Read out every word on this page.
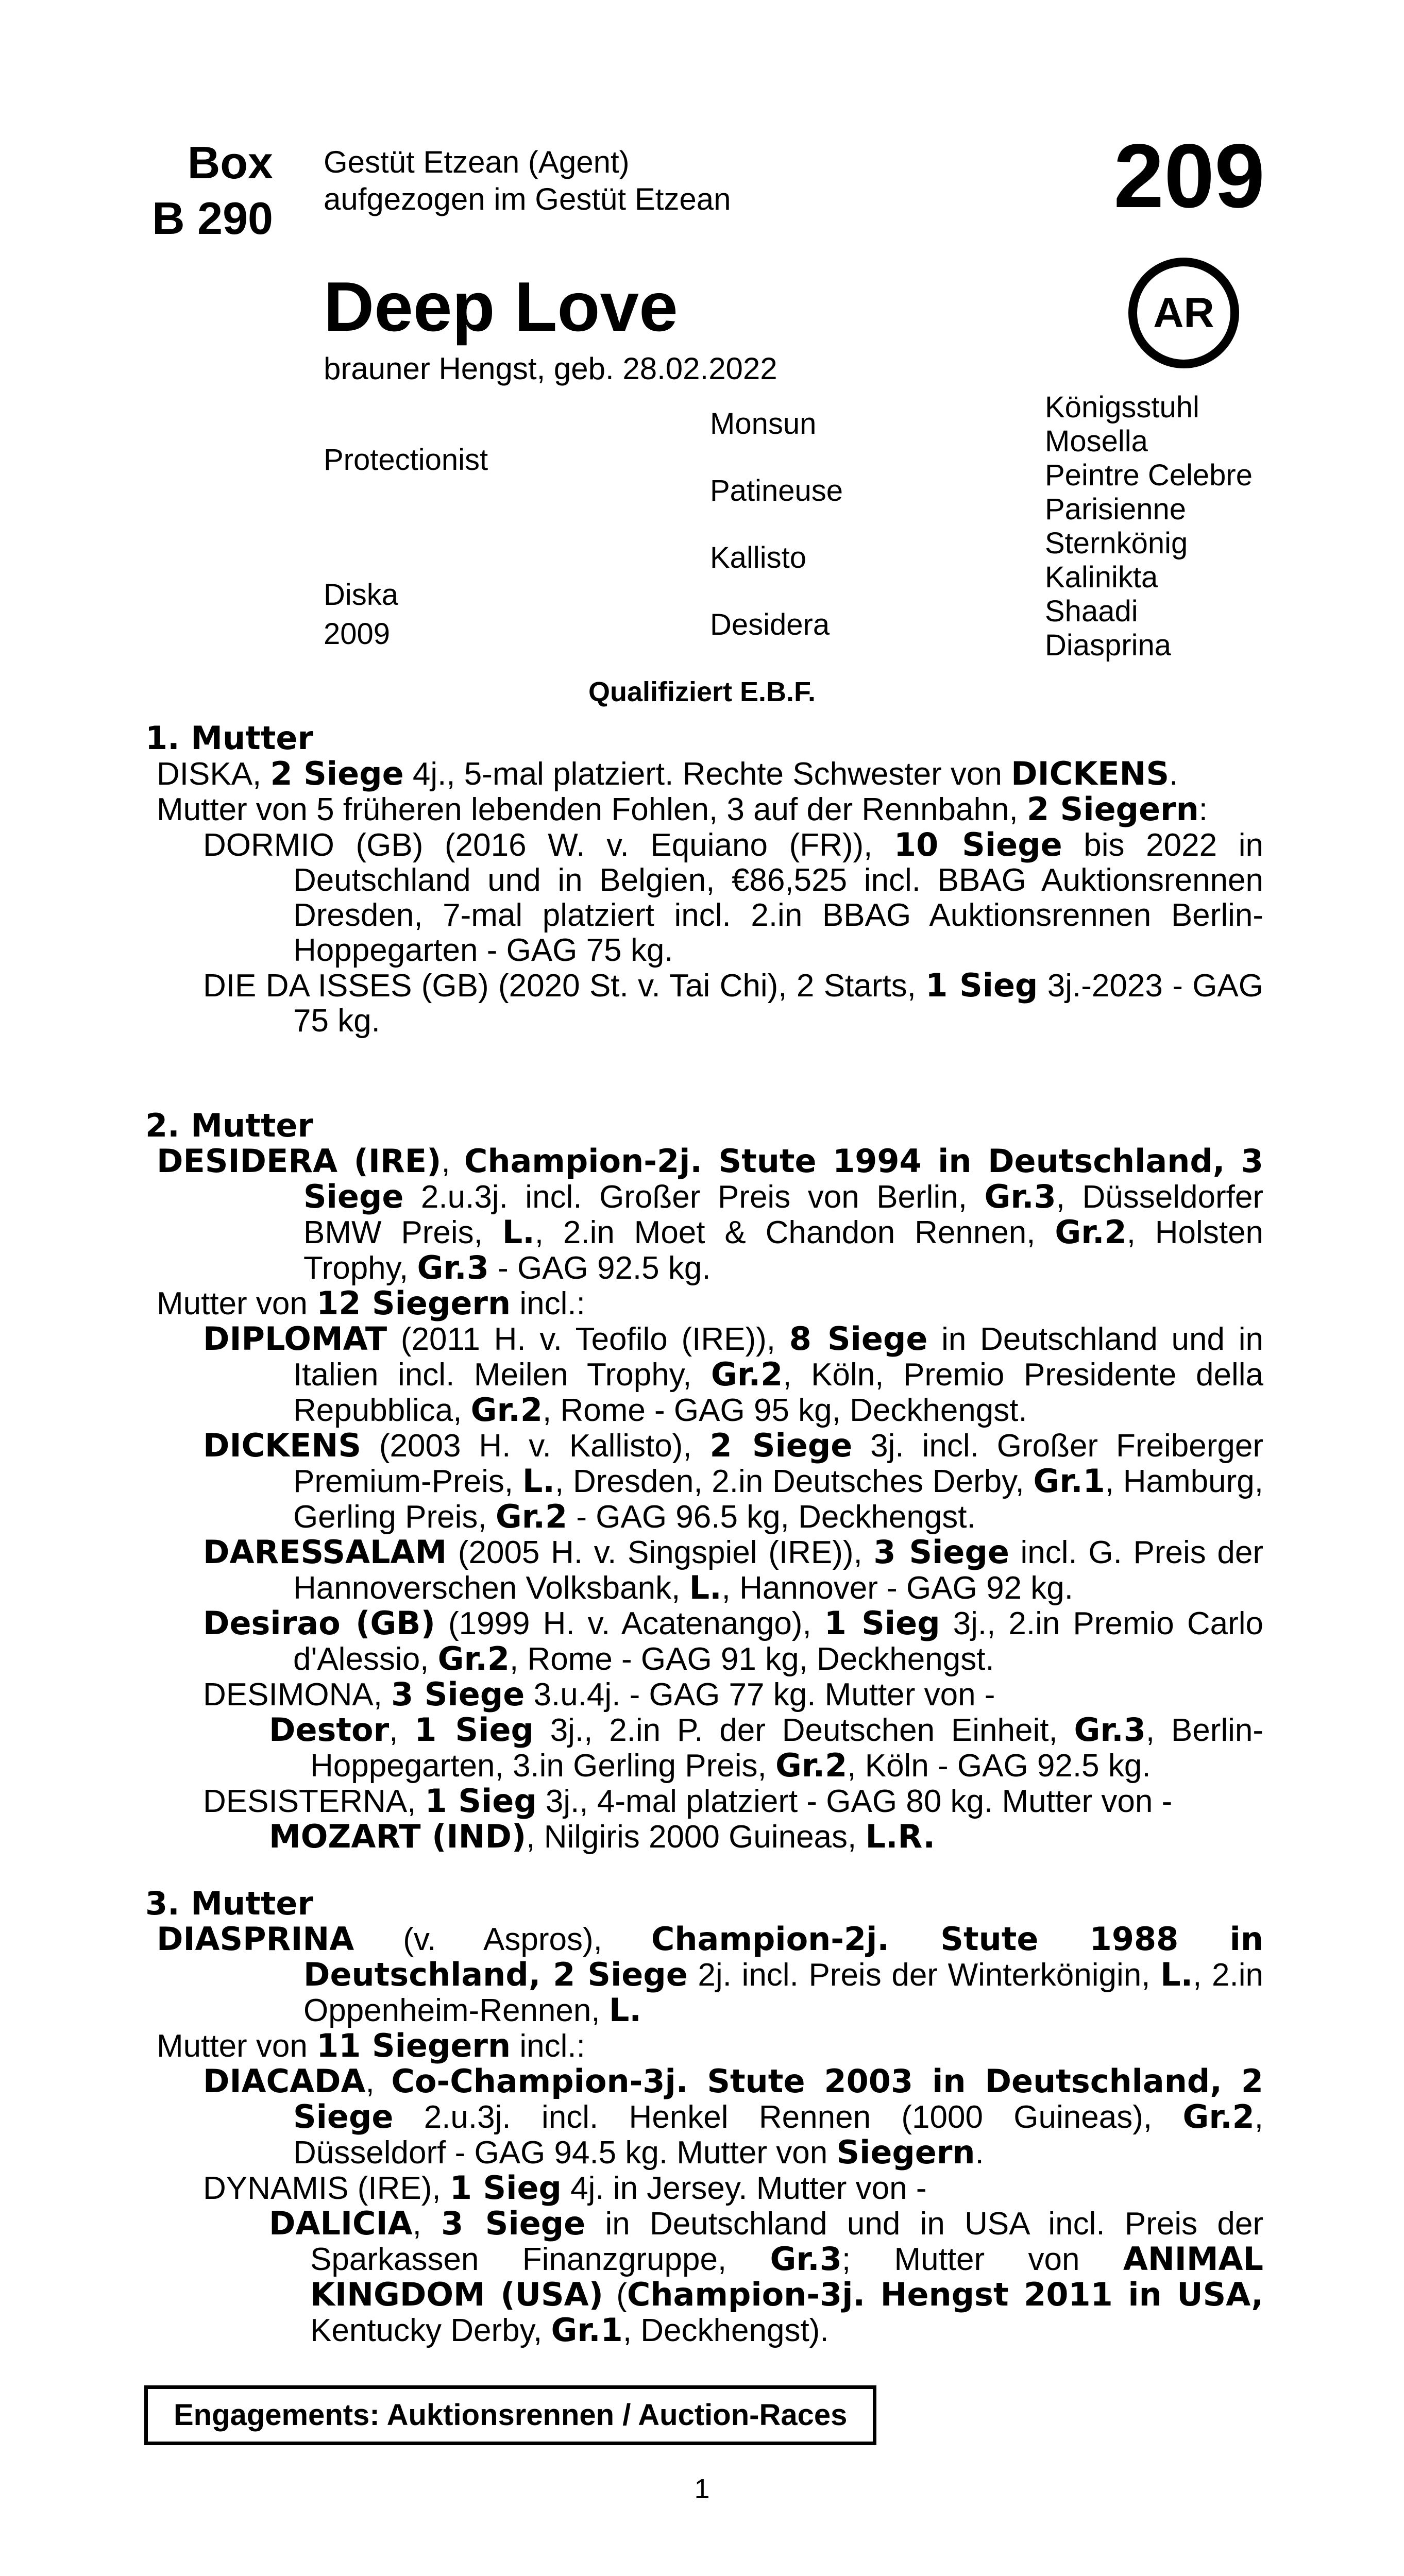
Box
B 290
Gestüt Etzean (Agent)
aufgezogen im Gestüt Etzean	209
AR
Deep Love
brauner Hengst, geb. 28.02.2022
Protectionist
Diska
2009
Monsun
Patineuse
Kallisto
Desidera
Königsstuhl
Mosella
Peintre Celebre
Parisienne
Sternkönig
Kalinikta
Shaadi
Diasprina
Qualifiziert E.B.F.
1. Mutter
DISKA, 2 Siege 4j., 5-mal platziert. Rechte Schwester von DICKENS.
Mutter von 5 früheren lebenden Fohlen, 3 auf der Rennbahn, 2 Siegern:
DORMIO (GB) (2016 W. v. Equiano (FR)), 10 Siege bis 2022 in Deutschland und in Belgien, €86,525 incl. BBAG Auktionsrennen Dresden, 7-mal platziert incl. 2.in BBAG Auktionsrennen Berlin-Hoppegarten - GAG 75 kg.
DIE DA ISSES (GB) (2020 St. v. Tai Chi), 2 Starts, 1 Sieg 3j.-2023 - GAG 75 kg.
2. Mutter
DESIDERA (IRE), Champion-2j. Stute 1994 in Deutschland, 3 Siege 2.u.3j. incl. Großer Preis von Berlin, Gr.3, Düsseldorfer BMW Preis, L., 2.in Moet & Chandon Rennen, Gr.2, Holsten Trophy, Gr.3 - GAG 92.5 kg.
Mutter von 12 Siegern incl.:
DIPLOMAT (2011 H. v. Teofilo (IRE)), 8 Siege in Deutschland und in Italien incl. Meilen Trophy, Gr.2, Köln, Premio Presidente della Repubblica, Gr.2, Rome - GAG 95 kg, Deckhengst.
DICKENS (2003 H. v. Kallisto), 2 Siege 3j. incl. Großer Freiberger Premium-Preis, L., Dresden, 2.in Deutsches Derby, Gr.1, Hamburg, Gerling Preis, Gr.2 - GAG 96.5 kg, Deckhengst.
DARESSALAM (2005 H. v. Singspiel (IRE)), 3 Siege incl. G. Preis der Hannoverschen Volksbank, L., Hannover - GAG 92 kg.
Desirao (GB) (1999 H. v. Acatenango), 1 Sieg 3j., 2.in Premio Carlo d'Alessio, Gr.2, Rome - GAG 91 kg, Deckhengst.
DESIMONA, 3 Siege 3.u.4j. - GAG 77 kg. Mutter von -
Destor, 1 Sieg 3j., 2.in P. der Deutschen Einheit, Gr.3, Berlin-Hoppegarten, 3.in Gerling Preis, Gr.2, Köln - GAG 92.5 kg.
DESISTERNA, 1 Sieg 3j., 4-mal platziert - GAG 80 kg. Mutter von -
MOZART (IND), Nilgiris 2000 Guineas, L.R.
3. Mutter
DIASPRINA (v. Aspros), Champion-2j. Stute 1988 in Deutschland, 2 Siege 2j. incl. Preis der Winterkönigin, L., 2.in Oppenheim-Rennen, L.
Mutter von 11 Siegern incl.:
DIACADA, Co-Champion-3j. Stute 2003 in Deutschland, 2 Siege 2.u.3j. incl. Henkel Rennen (1000 Guineas), Gr.2, Düsseldorf - GAG 94.5 kg. Mutter von Siegern.
DYNAMIS (IRE), 1 Sieg 4j. in Jersey. Mutter von -
DALICIA, 3 Siege in Deutschland und in USA incl. Preis der Sparkassen Finanzgruppe, Gr.3; Mutter von ANIMAL KINGDOM (USA) (Champion-3j. Hengst 2011 in USA, Kentucky Derby, Gr.1, Deckhengst).
Engagements: Auktionsrennen / Auction-Races
1
